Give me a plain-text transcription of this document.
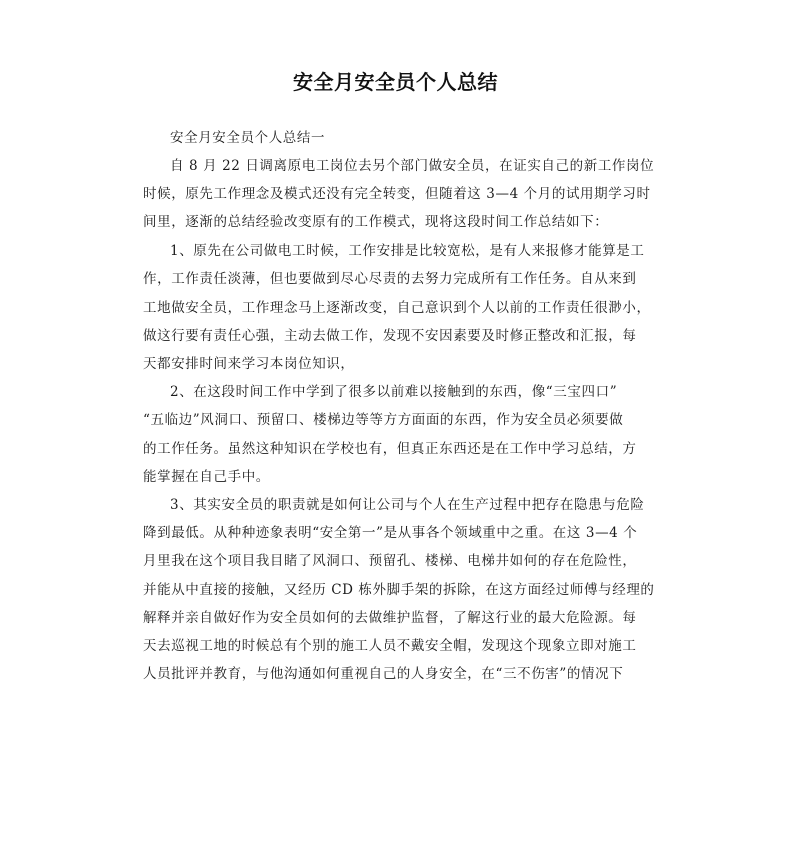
安全月安全员个人总结
安全月安全员个人总结一
自 8 月 22 日调离原电工岗位去另个部门做安全员，在证实自己的新工作岗位
时候，原先工作理念及模式还没有完全转变，但随着这 3—4 个月的试用期学习时
间里，逐渐的总结经验改变原有的工作模式，现将这段时间工作总结如下：
1、原先在公司做电工时候，工作安排是比较宽松，是有人来报修才能算是工
作，工作责任淡薄，但也要做到尽心尽责的去努力完成所有工作任务。自从来到
工地做安全员，工作理念马上逐渐改变，自己意识到个人以前的工作责任很渺小，
做这行要有责任心强，主动去做工作，发现不安因素要及时修正整改和汇报，每
天都安排时间来学习本岗位知识，
2、在这段时间工作中学到了很多以前难以接触到的东西，像“三宝四口”
“五临边”风洞口、预留口、楼梯边等等方方面面的东西，作为安全员必须要做
的工作任务。虽然这种知识在学校也有，但真正东西还是在工作中学习总结，方
能掌握在自己手中。
3、其实安全员的职责就是如何让公司与个人在生产过程中把存在隐患与危险
降到最低。从种种迹象表明“安全第一”是从事各个领域重中之重。在这 3—4 个
月里我在这个项目我目睹了风洞口、预留孔、楼梯、电梯井如何的存在危险性，
并能从中直接的接触，又经历 CD 栋外脚手架的拆除，在这方面经过师傅与经理的
解释并亲自做好作为安全员如何的去做维护监督，了解这行业的最大危险源。每
天去巡视工地的时候总有个别的施工人员不戴安全帽，发现这个现象立即对施工
人员批评并教育，与他沟通如何重视自己的人身安全，在“三不伤害”的情况下
